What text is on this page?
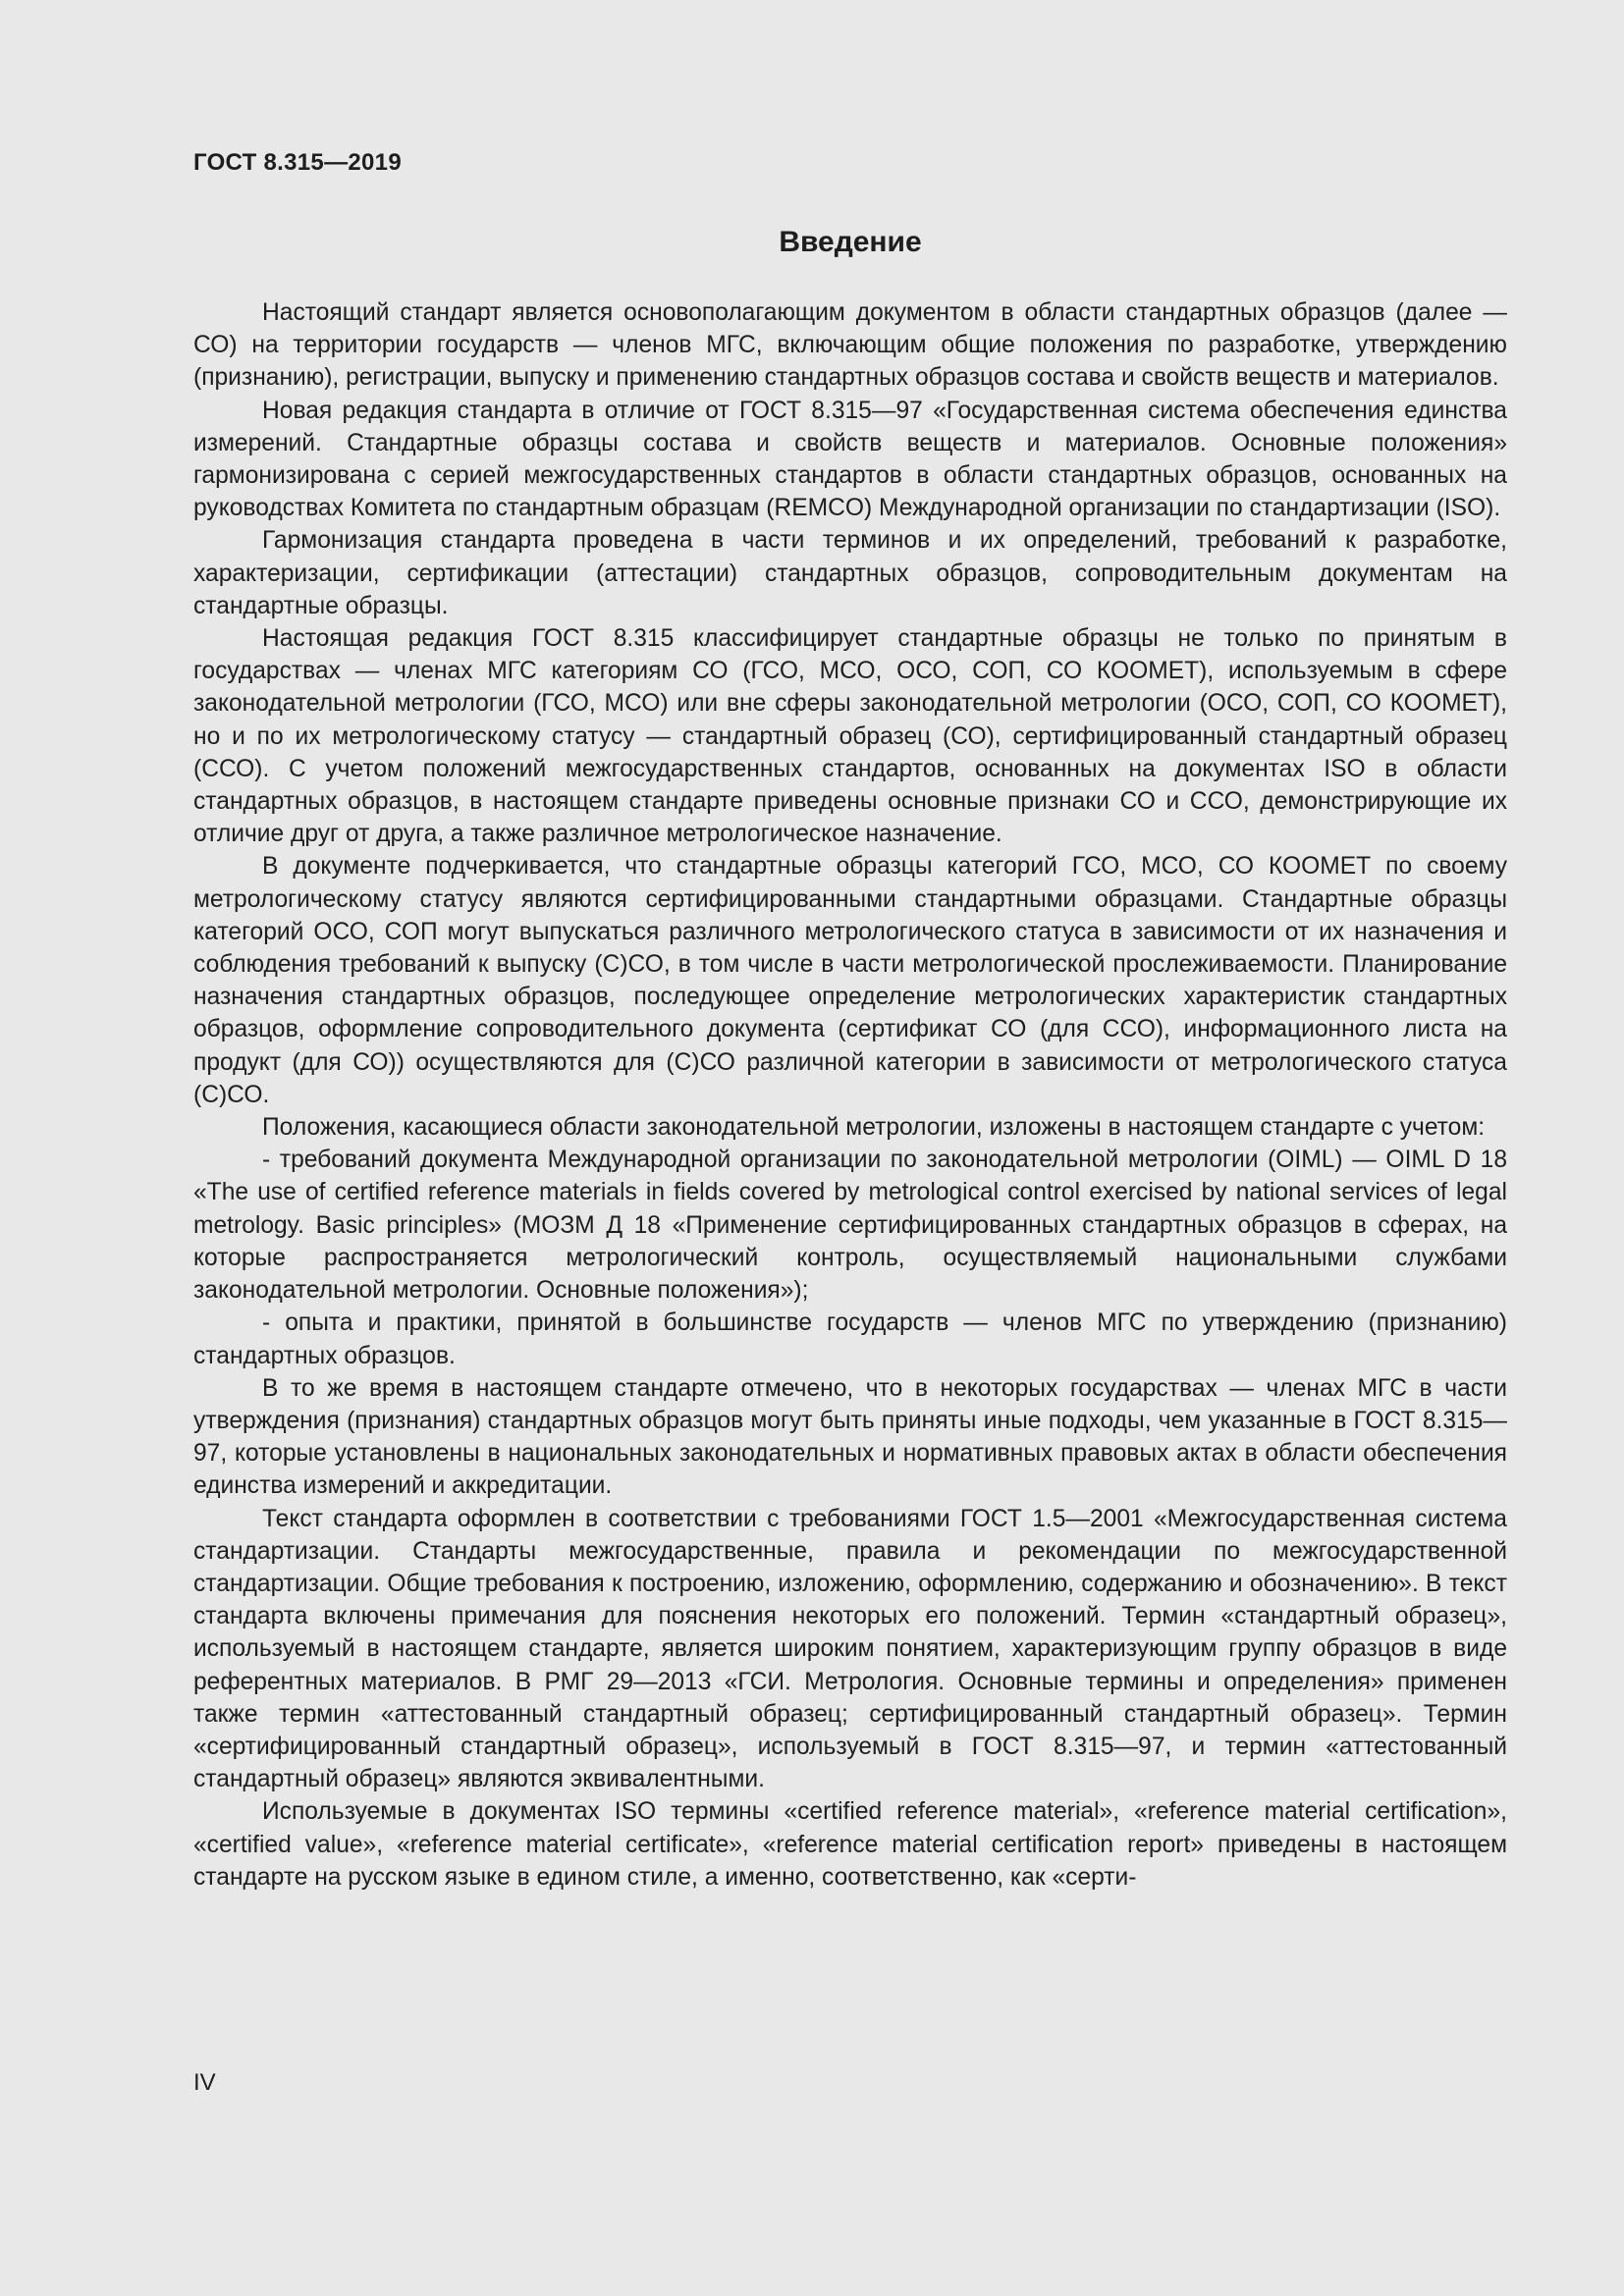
ГОСТ 8.315—2019
Введение

Настоящий стандарт является основополагающим документом в области стандартных образцов (далее — СО) на территории государств — членов МГС, включающим общие положения по разработке, утверждению (признанию), регистрации, выпуску и применению стандартных образцов состава и свойств веществ и материалов.

Новая редакция стандарта в отличие от ГОСТ 8.315—97 «Государственная система обеспечения единства измерений. Стандартные образцы состава и свойств веществ и материалов. Основные положения» гармонизирована с серией межгосударственных стандартов в области стандартных образцов, основанных на руководствах Комитета по стандартным образцам (REMCO) Международной организации по стандартизации (ISO).

Гармонизация стандарта проведена в части терминов и их определений, требований к разработке, характеризации, сертификации (аттестации) стандартных образцов, сопроводительным документам на стандартные образцы.

Настоящая редакция ГОСТ 8.315 классифицирует стандартные образцы не только по принятым в государствах — членах МГС категориям СО (ГСО, МСО, ОСО, СОП, СО КООМЕТ), используемым в сфере законодательной метрологии (ГСО, МСО) или вне сферы законодательной метрологии (ОСО, СОП, СО КООМЕТ), но и по их метрологическому статусу — стандартный образец (СО), сертифицированный стандартный образец (ССО). С учетом положений межгосударственных стандартов, основанных на документах ISO в области стандартных образцов, в настоящем стандарте приведены основные признаки СО и ССО, демонстрирующие их отличие друг от друга, а также различное метрологическое назначение.

В документе подчеркивается, что стандартные образцы категорий ГСО, МСО, СО КООМЕТ по своему метрологическому статусу являются сертифицированными стандартными образцами. Стандартные образцы категорий ОСО, СОП могут выпускаться различного метрологического статуса в зависимости от их назначения и соблюдения требований к выпуску (С)СО, в том числе в части метрологической прослеживаемости. Планирование назначения стандартных образцов, последующее определение метрологических характеристик стандартных образцов, оформление сопроводительного документа (сертификат СО (для ССО), информационного листа на продукт (для СО)) осуществляются для (С)СО различной категории в зависимости от метрологического статуса (С)СО.

Положения, касающиеся области законодательной метрологии, изложены в настоящем стандарте с учетом:

- требований документа Международной организации по законодательной метрологии (OIML) — OIML D 18 «The use of certified reference materials in fields covered by metrological control exercised by national services of legal metrology. Basic principles» (МОЗМ Д 18 «Применение сертифицированных стандартных образцов в сферах, на которые распространяется метрологический контроль, осуществляемый национальными службами законодательной метрологии. Основные положения»);

- опыта и практики, принятой в большинстве государств — членов МГС по утверждению (признанию) стандартных образцов.

В то же время в настоящем стандарте отмечено, что в некоторых государствах — членах МГС в части утверждения (признания) стандартных образцов могут быть приняты иные подходы, чем указанные в ГОСТ 8.315—97, которые установлены в национальных законодательных и нормативных правовых актах в области обеспечения единства измерений и аккредитации.

Текст стандарта оформлен в соответствии с требованиями ГОСТ 1.5—2001 «Межгосударственная система стандартизации. Стандарты межгосударственные, правила и рекомендации по межгосударственной стандартизации. Общие требования к построению, изложению, оформлению, содержанию и обозначению». В текст стандарта включены примечания для пояснения некоторых его положений. Термин «стандартный образец», используемый в настоящем стандарте, является широким понятием, характеризующим группу образцов в виде референтных материалов. В РМГ 29—2013 «ГСИ. Метрология. Основные термины и определения» применен также термин «аттестованный стандартный образец; сертифицированный стандартный образец». Термин «сертифицированный стандартный образец», используемый в ГОСТ 8.315—97, и термин «аттестованный стандартный образец» являются эквивалентными.

Используемые в документах ISO термины «certified reference material», «reference material certification», «certified value», «reference material certificate», «reference material certification report» приведены в настоящем стандарте на русском языке в едином стиле, а именно, соответственно, как «серти-

IV
